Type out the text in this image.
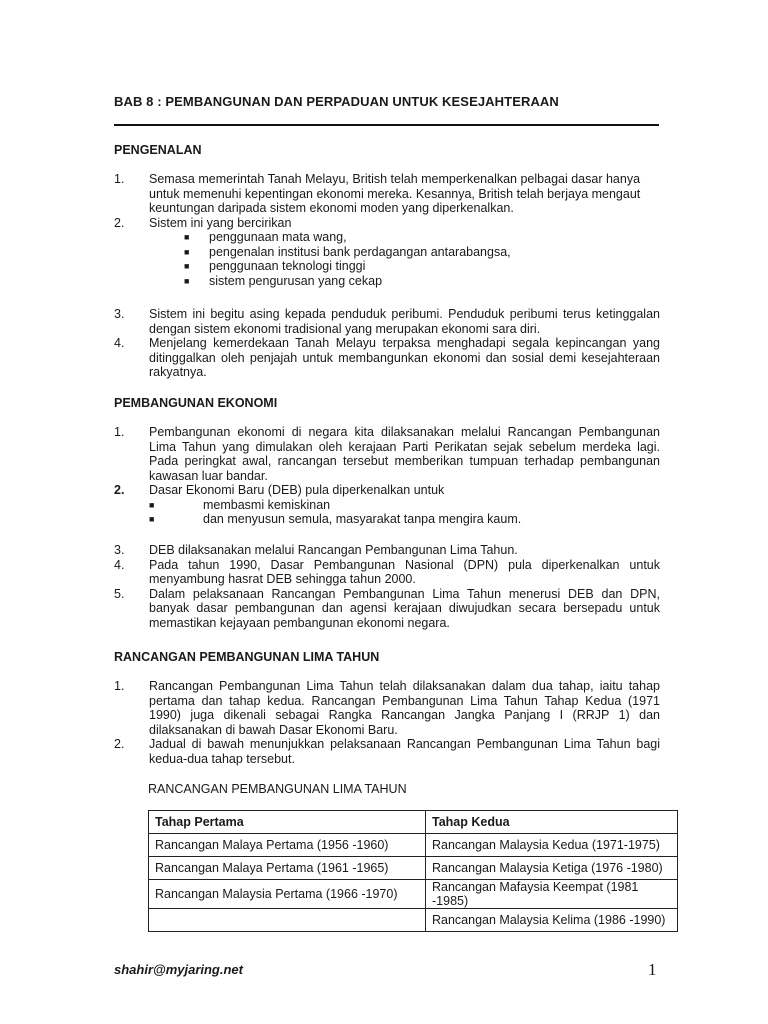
BAB 8 : PEMBANGUNAN DAN PERPADUAN UNTUK KESEJAHTERAAN
PENGENALAN
1. Semasa memerintah Tanah Melayu, British telah memperkenalkan pelbagai dasar hanya untuk memenuhi kepentingan ekonomi mereka. Kesannya, British telah berjaya mengaut keuntungan daripada sistem ekonomi moden yang diperkenalkan.
2. Sistem ini yang bercirikan
■ penggunaan mata wang,
■ pengenalan institusi bank perdagangan antarabangsa,
■ penggunaan teknologi tinggi
■ sistem pengurusan yang cekap
3. Sistem ini begitu asing kepada penduduk peribumi. Penduduk peribumi terus ketinggalan dengan sistem ekonomi tradisional yang merupakan ekonomi sara diri.
4. Menjelang kemerdekaan Tanah Melayu terpaksa menghadapi segala kepincangan yang ditinggalkan oleh penjajah untuk membangunkan ekonomi dan sosial demi kesejahteraan rakyatnya.
PEMBANGUNAN EKONOMI
1. Pembangunan ekonomi di negara kita dilaksanakan melalui Rancangan Pembangunan Lima Tahun yang dimulakan oleh kerajaan Parti Perikatan sejak sebelum merdeka lagi. Pada peringkat awal, rancangan tersebut memberikan tumpuan terhadap pembangunan kawasan luar bandar.
2. Dasar Ekonomi Baru (DEB) pula diperkenalkan untuk
■	membasmi kemiskinan
■	dan menyusun semula, masyarakat tanpa mengira kaum.
3. DEB dilaksanakan melalui Rancangan Pembangunan Lima Tahun.
4. Pada tahun 1990, Dasar Pembangunan Nasional (DPN) pula diperkenalkan untuk menyambung hasrat DEB sehingga tahun 2000.
5. Dalam pelaksanaan Rancangan Pembangunan Lima Tahun menerusi DEB dan DPN, banyak dasar pembangunan dan agensi kerajaan diwujudkan secara bersepadu untuk memastikan kejayaan pembangunan ekonomi negara.
RANCANGAN PEMBANGUNAN LIMA TAHUN
1. Rancangan Pembangunan Lima Tahun telah dilaksanakan dalam dua tahap, iaitu tahap pertama dan tahap kedua. Rancangan Pembangunan Lima Tahun Tahap Kedua (1971 1990) juga dikenali sebagai Rangka Rancangan Jangka Panjang I (RRJP 1) dan dilaksanakan di bawah Dasar Ekonomi Baru.
2. Jadual di bawah menunjukkan pelaksanaan Rancangan Pembangunan Lima Tahun bagi kedua-dua tahap tersebut.
RANCANGAN PEMBANGUNAN LIMA TAHUN
Tahap Pertama	Tahap Kedua
Rancangan Malaya Pertama (1956 -1960)	Rancangan Malaysia Kedua (1971-1975)
Rancangan Malaya Pertama (1961 -1965)	Rancangan Malaysia Ketiga (1976 -1980)
Rancangan Malaysia Pertama (1966 -1970)	Rancangan Mafaysia Keempat (1981 -1985)
	Rancangan Malaysia Kelima (1986 -1990)
shahir@myjaring.net	1
